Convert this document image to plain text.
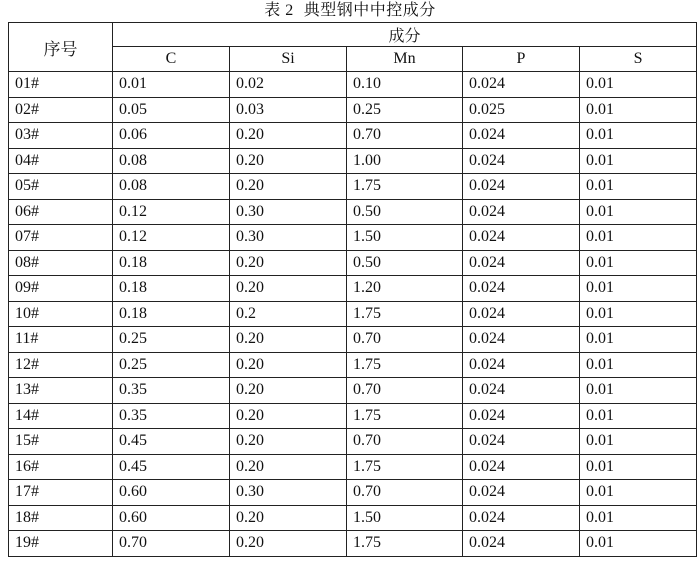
表 2 典型钢中中控成分
序号	成分				
	C	Si	Mn	P	S
01#	0.01	0.02	0.10	0.024	0.01
02#	0.05	0.03	0.25	0.025	0.01
03#	0.06	0.20	0.70	0.024	0.01
04#	0.08	0.20	1.00	0.024	0.01
05#	0.08	0.20	1.75	0.024	0.01
06#	0.12	0.30	0.50	0.024	0.01
07#	0.12	0.30	1.50	0.024	0.01
08#	0.18	0.20	0.50	0.024	0.01
09#	0.18	0.20	1.20	0.024	0.01
10#	0.18	0.2	1.75	0.024	0.01
11#	0.25	0.20	0.70	0.024	0.01
12#	0.25	0.20	1.75	0.024	0.01
13#	0.35	0.20	0.70	0.024	0.01
14#	0.35	0.20	1.75	0.024	0.01
15#	0.45	0.20	0.70	0.024	0.01
16#	0.45	0.20	1.75	0.024	0.01
17#	0.60	0.30	0.70	0.024	0.01
18#	0.60	0.20	1.50	0.024	0.01
19#	0.70	0.20	1.75	0.024	0.01
